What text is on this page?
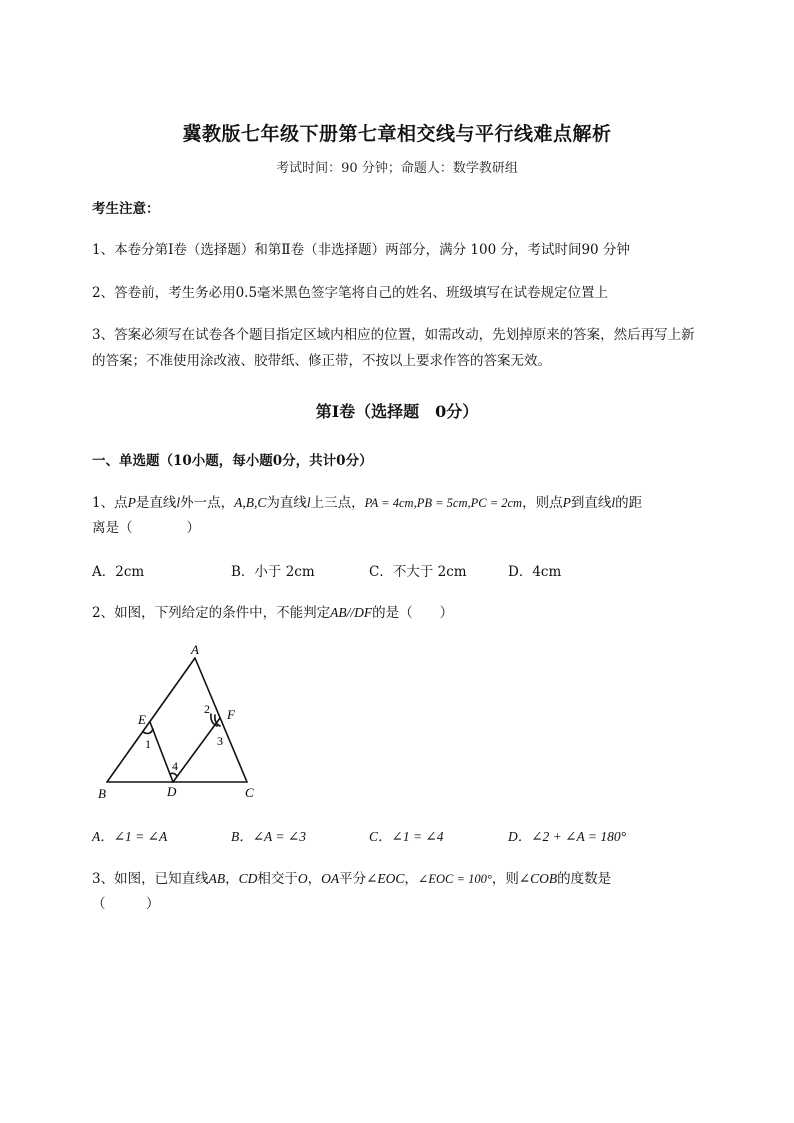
冀教版七年级下册第七章相交线与平行线难点解析
考试时间：90 分钟；命题人：数学教研组
考生注意：
1、本卷分第Ⅰ卷（选择题）和第Ⅱ卷（非选择题）两部分，满分 100 分，考试时间90 分钟
2、答卷前，考生务必用0.5毫米黑色签字笔将自己的姓名、班级填写在试卷规定位置上
3、答案必须写在试卷各个题目指定区域内相应的位置，如需改动，先划掉原来的答案，然后再写上新
的答案；不准使用涂改液、胶带纸、修正带，不按以上要求作答的答案无效。
第Ⅰ卷（选择题　0分）
一、单选题（10小题，每小题0分，共计0分）
1、点P是直线l外一点，A,B,C为直线l上三点，PA = 4cm,PB = 5cm,PC = 2cm，则点P到直线l的距
离是（　　　　）
A．2cm	B．小于 2cm	C．不大于 2cm	D．4cm
2、如图，下列给定的条件中，不能判定AB//DF的是（　　）
A
B	C
D
E	F
1
2
3
4
A．∠1 = ∠A	B．∠A = ∠3	C．∠1 = ∠4	D．∠2 + ∠A = 180°
3、如图，已知直线AB，CD相交于O，OA平分∠EOC，∠EOC = 100°，则∠COB的度数是
（　　　）
